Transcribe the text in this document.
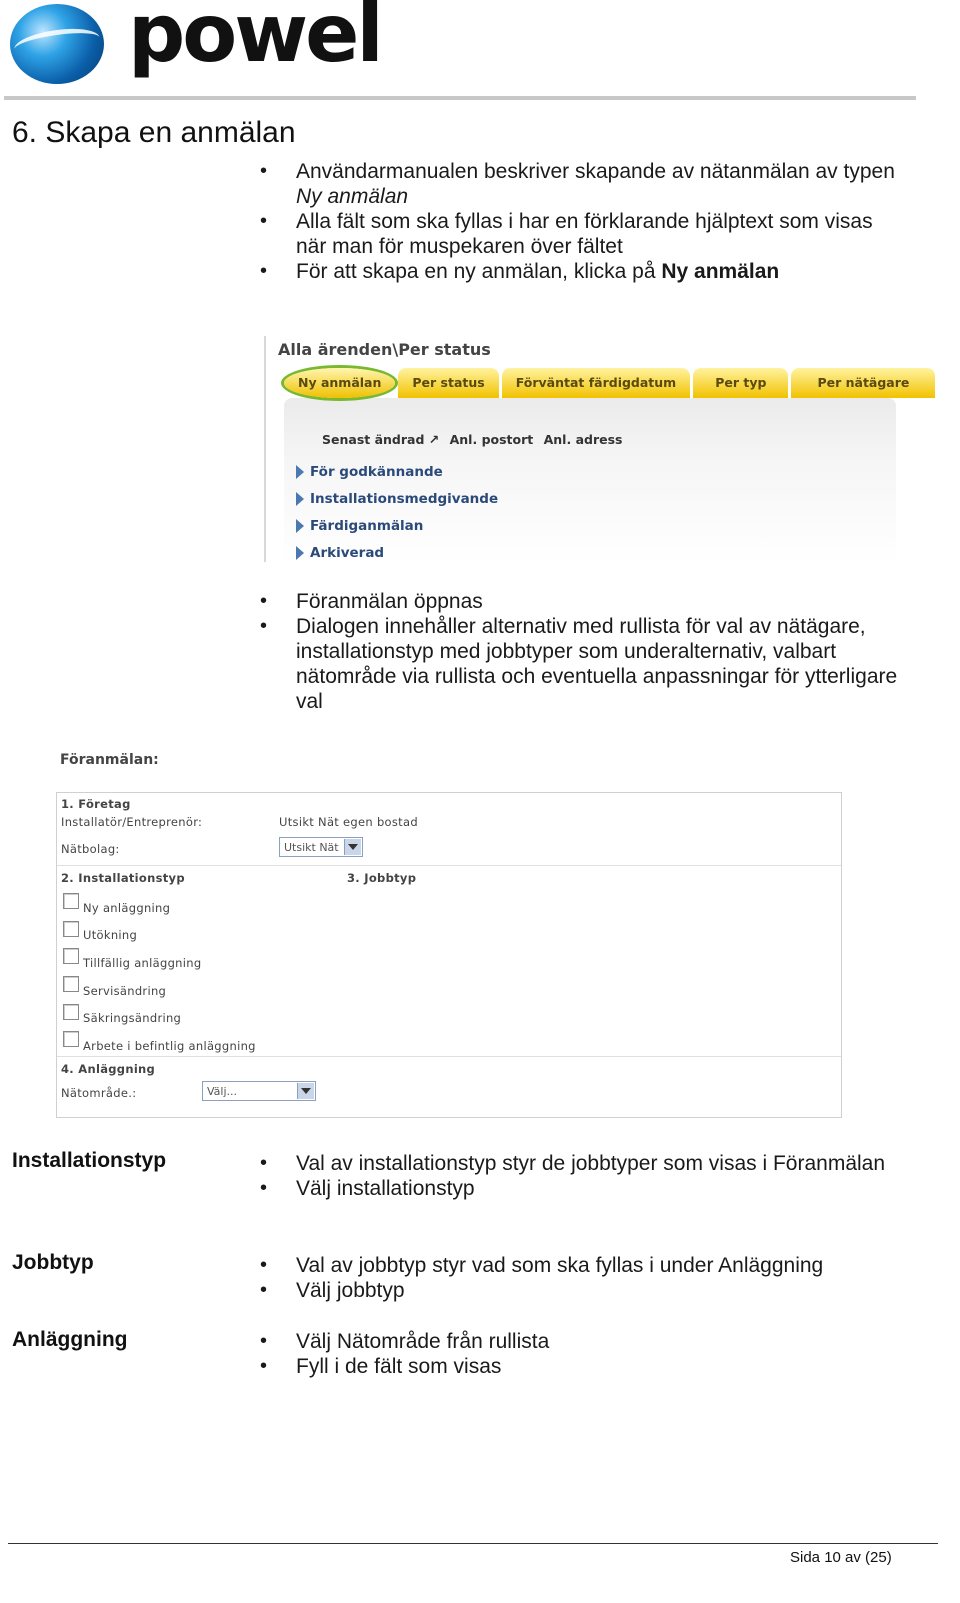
powel
6. Skapa en anmälan
• Användarmanualen beskriver skapande av nätanmälan av typen Ny anmälan
• Alla fält som ska fyllas i har en förklarande hjälptext som visas när man för muspekaren över fältet
• För att skapa en ny anmälan, klicka på Ny anmälan
Alla ärenden\Per status
Ny anmälan	Per status	Förväntat färdigdatum	Per typ	Per nätägare
Senast ändrad ↗ Anl. postort Anl. adress
För godkännande
Installationsmedgivande
Färdiganmälan
Arkiverad
• Föranmälan öppnas
• Dialogen innehåller alternativ med rullista för val av nätägare, installationstyp med jobbtyper som underalternativ, valbart nätområde via rullista och eventuella anpassningar för ytterligare val
Föranmälan:
1. Företag
Installatör/Entreprenör:	Utsikt Nät egen bostad
Nätbolag:	Utsikt Nät
2. Installationstyp	3. Jobbtyp
Ny anläggning
Utökning
Tillfällig anläggning
Servisändring
Säkringsändring
Arbete i befintlig anläggning
4. Anläggning
Nätområde.:	Välj...
Installationstyp	• Val av installationstyp styr de jobbtyper som visas i Föranmälan
• Välj installationstyp
Jobbtyp	• Val av jobbtyp styr vad som ska fyllas i under Anläggning
• Välj jobbtyp
Anläggning	• Välj Nätområde från rullista
• Fyll i de fält som visas
Sida 10 av (25)
